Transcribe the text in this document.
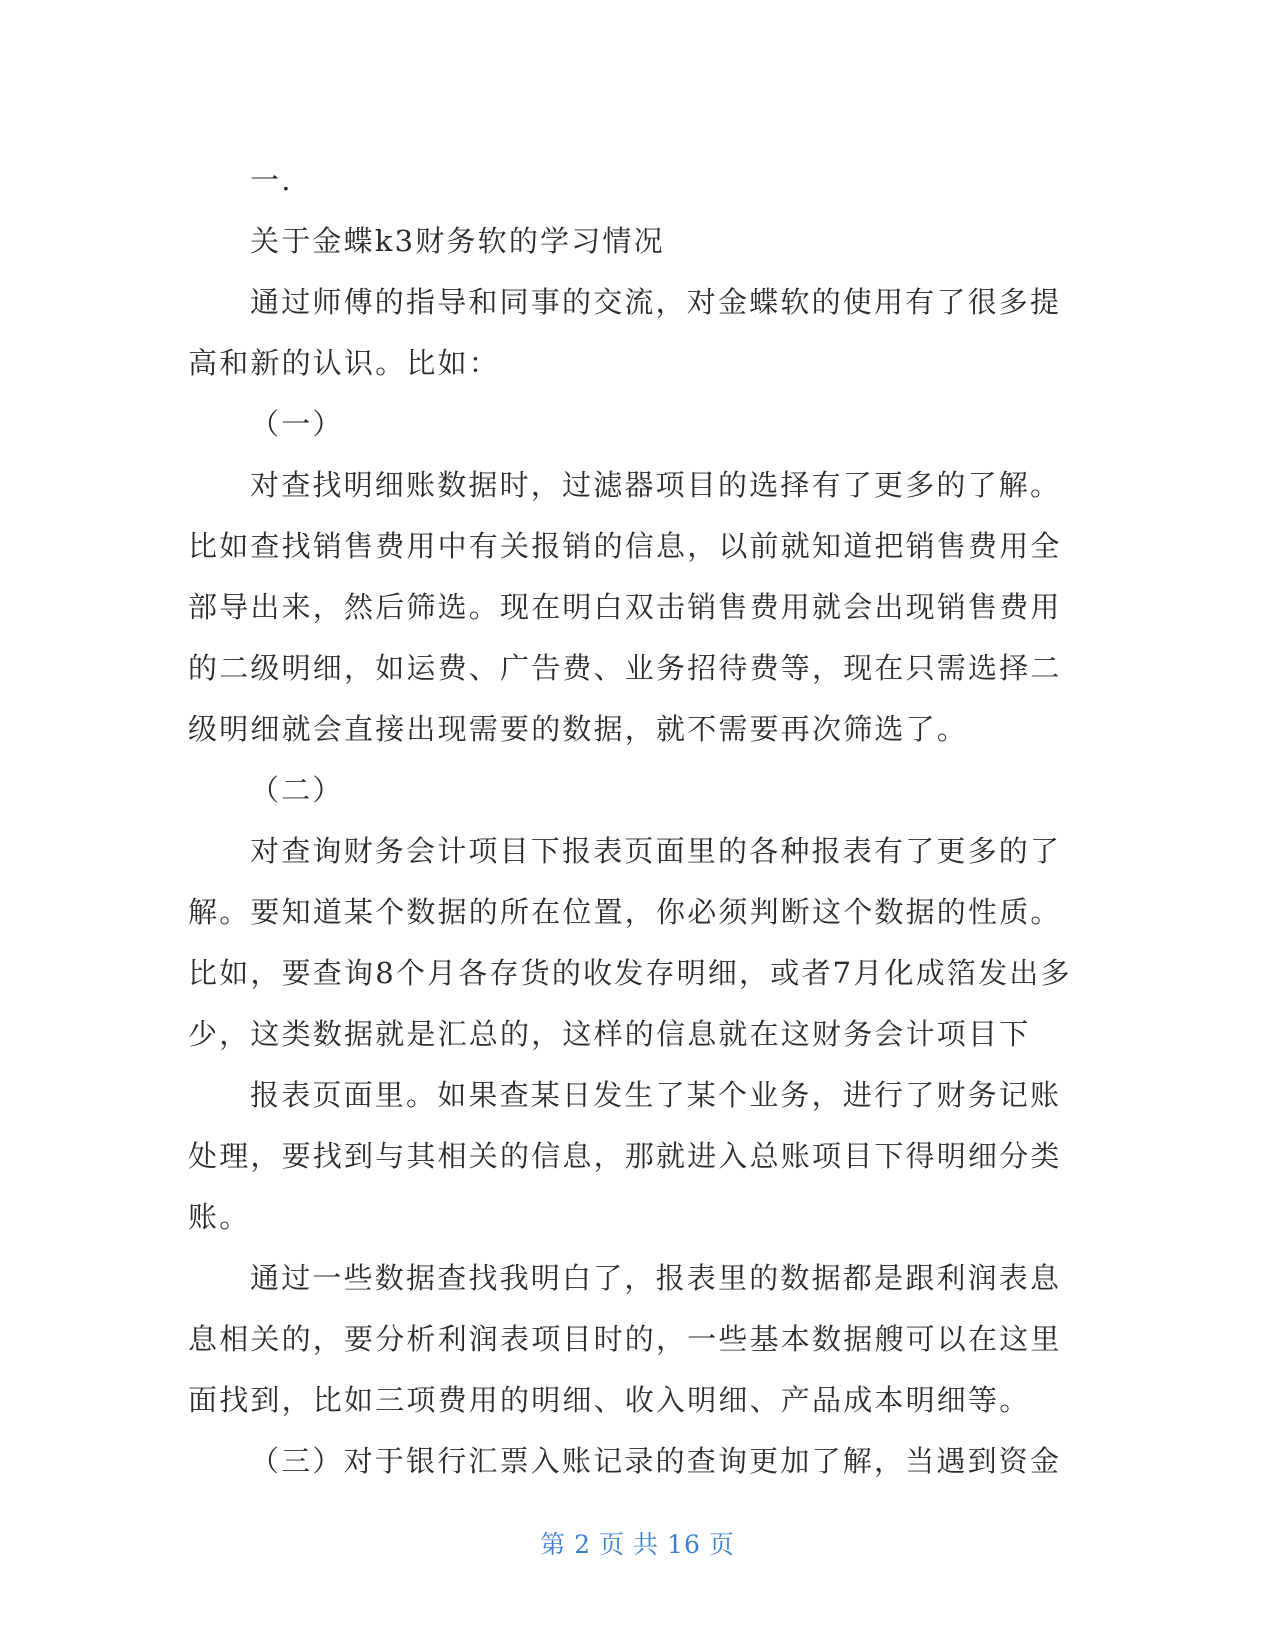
一.
关于金蝶k3财务软的学习情况
通过师傅的指导和同事的交流，对金蝶软的使用有了很多提
高和新的认识。比如：
（一）
对查找明细账数据时，过滤器项目的选择有了更多的了解。
比如查找销售费用中有关报销的信息，以前就知道把销售费用全
部导出来，然后筛选。现在明白双击销售费用就会出现销售费用
的二级明细，如运费、广告费、业务招待费等，现在只需选择二
级明细就会直接出现需要的数据，就不需要再次筛选了。
（二）
对查询财务会计项目下报表页面里的各种报表有了更多的了
解。要知道某个数据的所在位置，你必须判断这个数据的性质。
比如，要查询8个月各存货的收发存明细，或者7月化成箔发出多
少，这类数据就是汇总的，这样的信息就在这财务会计项目下
报表页面里。如果查某日发生了某个业务，进行了财务记账
处理，要找到与其相关的信息，那就进入总账项目下得明细分类
账。
通过一些数据查找我明白了，报表里的数据都是跟利润表息
息相关的，要分析利润表项目时的，一些基本数据艘可以在这里
面找到，比如三项费用的明细、收入明细、产品成本明细等。
（三）对于银行汇票入账记录的查询更加了解，当遇到资金
第 2 页 共 16 页
